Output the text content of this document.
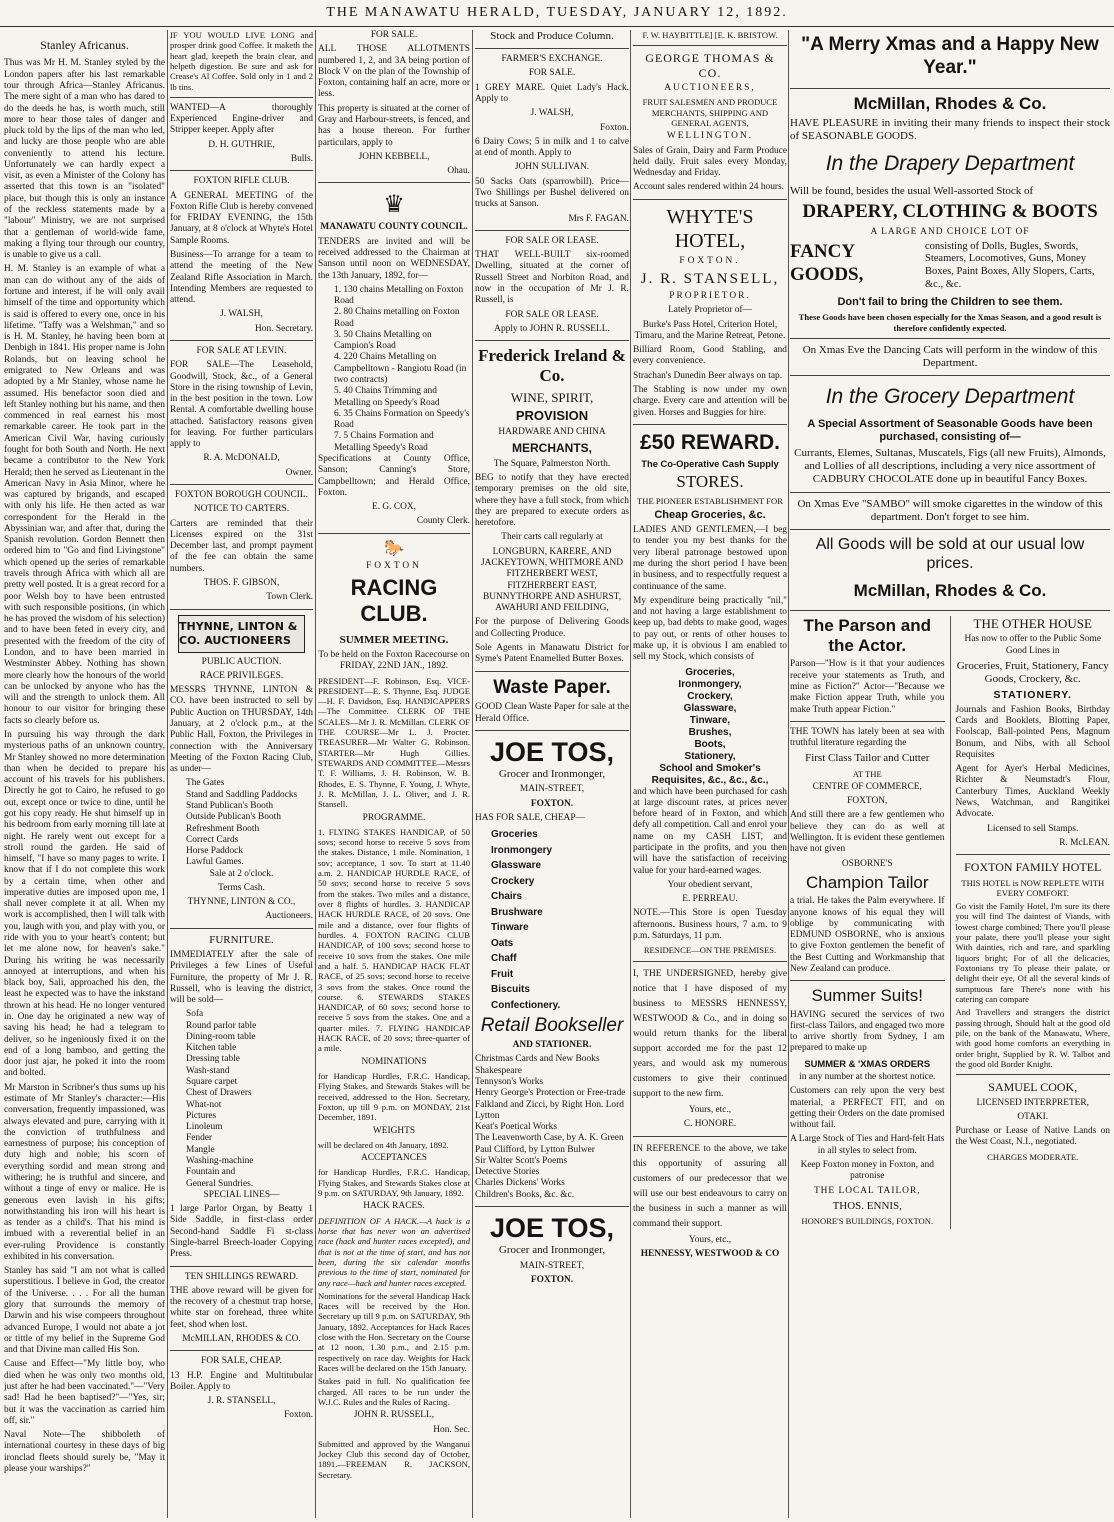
THE MANAWATU HERALD, TUESDAY, JANUARY 12, 1892.
Stanley Africanus.

Thus was Mr H. M. Stanley styled by the London papers after his last remarkable tour through Africa—Stanley Africanus. The mere sight of a man who has dared to do the deeds he has, is worth much, still more to hear those tales of danger and pluck told by the lips of the man who led, and lucky are those people who are able conveniently to attend his lecture. Unfortunately we can hardly expect a visit, as even a Minister of the Colony has asserted that this town is an "isolated" place, but though this is only an instance of the reckless statements made by a "labour" Ministry, we are not surprised that a gentleman of world-wide fame, making a flying tour through our country, is unable to give us a call.

H. M. Stanley is an example of what a man can do without any of the aids of fortune and interest, if he will only avail himself of the time and opportunity which is said is offered to every one, once in his lifetime. "Taffy was a Welshman," and so is H. M. Stanley, he having been born at Denbigh in 1841. His proper name is John Rolands, but on leaving school he emigrated to New Orleans and was adopted by a Mr Stanley, whose name he assumed. His benefactor soon died and left Stanley nothing but his name, and then commenced in real earnest his most remarkable career. He took part in the American Civil War, having curiously fought for both South and North. He next became a contributor to the New York Herald; then he served as Lieutenant in the American Navy in Asia Minor, where he was captured by brigands, and escaped with only his life. He then acted as war correspondent for the Herald in the Abyssinian war, and after that, during the Spanish revolution. Gordon Bennett then ordered him to "Go and find Livingstone" which opened up the series of remarkable travels through Africa with which all are pretty well posted. It is a great record for a poor Welsh boy to have been entrusted with such responsible positions, (in which he has proved the wisdom of his selection) and to have been feted in every city, and presented with the freedom of the city of London, and to have been married in Westminster Abbey. Nothing has shown more clearly how the honours of the world can be unlocked by anyone who has the will and the strength to unlock them. All honour to our visitor for bringing these facts so clearly before us.

In pursuing his way through the dark mysterious paths of an unknown country, Mr Stanley showed no more determination than when he decided to prepare his account of his travels for his publishers. Directly he got to Cairo, he refused to go out, except once or twice to dine, until he got his copy ready. He shut himself up in his bedroom from early morning till late at night. He rarely went out except for a stroll round the garden. He said of himself, "I have so many pages to write. I know that if I do not complete this work by a certain time, when other and imperative duties are imposed upon me, I shall never complete it at all. When my work is accomplished, then I will talk with you, laugh with you, and play with you, or ride with you to your heart's content; but let me alone now, for heaven's sake." During his writing he was necessarily annoyed at interruptions, and when his black boy, Sali, approached his den, the least he expected was to have the inkstand thrown at his head. He no longer ventured in. One day he originated a new way of saving his head; he had a telegram to deliver, so he ingeniously fixed it on the end of a long bamboo, and getting the door just ajar, he poked it into the room and bolted.

Mr Marston in Scribner's thus sums up his estimate of Mr Stanley's character:—His conversation, frequently impassioned, was always elevated and pure, carrying with it the conviction of truthfulness and earnestness of purpose; his conception of duty high and noble; his scorn of everything sordid and mean strong and withering; he is truthful and sincere, and without a tinge of envy or malice. He is generous even lavish in his gifts; notwithstanding his iron will his heart is as tender as a child's. That his mind is imbued with a reverential belief in an ever-ruling Providence is constantly exhibited in his conversation.

Stanley has said "I am not what is called superstitious. I believe in God, the creator of the Universe. . . . For all the human glory that surrounds the memory of Darwin and his wise compeers throughout advanced Europe, I would not abate a jot or tittle of my belief in the Supreme God and that Divine man called His Son.

Cause and Effect—"My little boy, who died when he was only two months old, just after he had been vaccinated."—"Very sad! Had he been baptised?"—"Yes, sir; but it was the vaccination as carried him off, sir."

Naval Note—The shibboleth of international courtesy in these days of big ironclad fleets should surely be, "May it please your warships?"

IF YOU WOULD LIVE LONG and prosper drink good Coffee. It maketh the heart glad, keepeth the brain clear, and helpeth digestion. Be sure and ask for Crease's Al Coffee. Sold only in 1 and 2 lb tins.

WANTED—A thoroughly Experienced Engine-driver and Stripper keeper. Apply after

D. H. GUTHRIE,

Bulls.

FOXTON RIFLE CLUB.

A GENERAL MEETING of the Foxton Rifle Club is hereby convened for FRIDAY EVENING, the 15th January, at 8 o'clock at Whyte's Hotel Sample Rooms.

Business—To arrange for a team to attend the meeting of the New Zealand Rifle Association in March. Intending Members are requested to attend.

J. WALSH,

Hon. Secretary.

FOR SALE AT LEVIN.

FOR SALE—The Leasehold, Goodwill, Stock, &c., of a General Store in the rising township of Levin, in the best position in the town. Low Rental. A comfortable dwelling house attached. Satisfactory reasons given for leaving. For further particulars apply to

R. A. McDONALD,

Owner.

FOXTON BOROUGH COUNCIL.

NOTICE TO CARTERS.

Carters are reminded that their Licenses expired on the 31st December last, and prompt payment of the fee can obtain the same numbers.

THOS. F. GIBSON,

Town Clerk.

THYNNE, LINTON & CO. AUCTIONEERS

PUBLIC AUCTION.

RACE PRIVILEGES.

MESSRS THYNNE, LINTON & CO. have been instructed to sell by Public Auction on THURSDAY, 14th January, at 2 o'clock p.m., at the Public Hall, Foxton, the Privileges in connection with the Anniversary Meeting of the Foxton Racing Club, as under—

The Gates
Stand and Saddling Paddocks
Stand Publican's Booth
Outside Publican's Booth
Refreshment Booth
Correct Cards
Horse Paddock
Lawful Games.

Sale at 2 o'clock.

Terms Cash.

THYNNE, LINTON & CO.,

Auctioneers.

FURNITURE.

IMMEDIATELY after the sale of Privileges a few Lines of Useful Furniture, the property of Mr J. R. Russell, who is leaving the district, will be sold—

Sofa
Round parlor table
Dining-room table
Kitchen table
Dressing table
Wash-stand
Square carpet
Chest of Drawers
What-not
Pictures
Linoleum
Fender
Mangle
Washing-machine
Fountain and
General Sundries.

SPECIAL LINES—

1 large Parlor Organ, by Beatty 1 Side Saddle, in first-class order Second-hand Saddle Fi st-class Single-barrel Breech-loader Copying Press.

TEN SHILLINGS REWARD.

THE above reward will be given for the recovery of a chestnut trap horse, white star on forehead, three white feet, shod when lost.

McMILLAN, RHODES & CO.

FOR SALE, CHEAP.

13 H.P. Engine and Multitubular Boiler. Apply to

J. R. STANSELL,

Foxton.

FOR SALE.

ALL THOSE ALLOTMENTS numbered 1, 2, and 3A being portion of Block V on the plan of the Township of Foxton, containing half an acre, more or less.

This property is situated at the corner of Gray and Harbour-streets, is fenced, and has a house thereon. For further particulars, apply to

JOHN KEBBELL,

Ohau.

♛

MANAWATU COUNTY COUNCIL.

TENDERS are invited and will be received addressed to the Chairman at Sanson until noon on WEDNESDAY, the 13th January, 1892, for—

1. 130 chains Metalling on Foxton Road
2. 80 Chains metalling on Foxton Road
3. 50 Chains Metalling on Campion's Road
4. 220 Chains Metalling on Campbelltown - Rangiotu Road (in two contracts)
5. 40 Chains Trimming and Metalling on Speedy's Road
6. 35 Chains Formation on Speedy's Road
7. 5 Chains Formation and Metalling Speedy's Road

Specifications at County Office, Sanson; Canning's Store, Campbelltown; and Herald Office, Foxton.

E. G. COX,

County Clerk.

🐎

FOXTON

RACING CLUB.

SUMMER MEETING.

To be held on the Foxton Racecourse on FRIDAY, 22ND JAN., 1892.

PRESIDENT—F. Robinson, Esq. VICE-PRESIDENT—E. S. Thynne, Esq. JUDGE—H. F. Davidson, Esq. HANDICAPPERS—The Committee. CLERK OF THE SCALES—Mr J. R. McMillan. CLERK OF THE COURSE—Mr L. J. Procter. TREASURER—Mr Walter G. Robinson. STARTER—Mr Hugh Gillies. STEWARDS AND COMMITTEE—Messrs T. F. Williams, J. H. Robinson, W. B. Rhodes, E. S. Thynne, F. Young, J. Whyte, J. R. McMillan, J. L. Oliver, and J. R. Stansell.

PROGRAMME.

1. FLYING STAKES HANDICAP, of 50 sovs; second horse to receive 5 sovs from the stakes. Distance, 1 mile. Nomination, 1 sov; acceptance, 1 sov. To start at 11.40 a.m. 2. HANDICAP HURDLE RACE, of 50 sovs; second horse to receive 5 sovs from the stakes. Two miles and a distance, over 8 flights of hurdles. 3. HANDICAP HACK HURDLE RACE, of 20 sovs. One mile and a distance, over four flights of hurdles. 4. FOXTON RACING CLUB HANDICAP, of 100 sovs; second horse to receive 10 sovs from the stakes. One mile and a half. 5. HANDICAP HACK FLAT RACE, of 25 sovs; second horse to receive 3 sovs from the stakes. Once round the course. 6. STEWARDS STAKES HANDICAP, of 60 sovs; second horse to receive 5 sovs from the stakes. One and a quarter miles. 7. FLYING HANDICAP HACK RACE, of 20 sovs; three-quarter of a mile.

NOMINATIONS

for Handicap Hurdles, F.R.C. Handicap, Flying Stakes, and Stewards Stakes will be received, addressed to the Hon. Secretary, Foxton, up till 9 p.m. on MONDAY, 21st December, 1891.

WEIGHTS

will be declared on 4th January, 1892.

ACCEPTANCES

for Handicap Hurdles, F.R.C. Handicap, Flying Stakes, and Stewards Stakes close at 9 p.m. on SATURDAY, 9th January, 1892.

HACK RACES.

DEFINITION OF A HACK.—A hack is a horse that has never won an advertised race (hack and hunter races excepted), and that is not at the time of start, and has not been, during the six calendar months previous to the time of start, nominated for any race—hack and hunter races excepted.

Nominations for the several Handicap Hack Races will be received by the Hon. Secretary up till 9 p.m. on SATURDAY, 9th January, 1892. Acceptances for Hack Races close with the Hon. Secretary on the Course at 12 noon, 1.30 p.m., and 2.15 p.m. respectively on race day. Weights for Hack Races will be declared on the 15th January.

Stakes paid in full. No qualification fee charged. All races to be run under the W.J.C. Rules and the Rules of Racing.

JOHN R. RUSSELL,

Hon. Sec.

Submitted and approved by the Wanganui Jockey Club this second day of October, 1891.—FREEMAN R. JACKSON, Secretary.

Stock and Produce Column.

FARMER'S EXCHANGE.

FOR SALE.

1 GREY MARE. Quiet Lady's Hack. Apply to

J. WALSH,

Foxton.

6 Dairy Cows; 5 in milk and 1 to calve at end of month. Apply to

JOHN SULLIVAN.

50 Sacks Oats (sparrowbill). Price—Two Shillings per Bushel delivered on trucks at Sanson.

Mrs F. FAGAN.

FOR SALE OR LEASE.

THAT WELL-BUILT six-roomed Dwelling, situated at the corner of Russell Street and Norbiton Road, and now in the occupation of Mr J. R. Russell, is

FOR SALE OR LEASE.

Apply to JOHN R. RUSSELL.

Frederick Ireland & Co.

WINE, SPIRIT,

PROVISION

HARDWARE AND CHINA

MERCHANTS,

The Square, Palmerston North.

BEG to notify that they have erected temporary premises on the old site, where they have a full stock, from which they are prepared to execute orders as heretofore.

Their carts call regularly at

LONGBURN, KARERE, AND JACKEYTOWN, WHITMORE AND FITZHERBERT WEST, FITZHERBERT EAST, BUNNYTHORPE AND ASHURST, AWAHURI AND FEILDING,

For the purpose of Delivering Goods and Collecting Produce.

Sole Agents in Manawatu District for Syme's Patent Enamelled Butter Boxes.

Waste Paper.

GOOD Clean Waste Paper for sale at the Herald Office.

JOE TOS,

Grocer and Ironmonger,

MAIN-STREET,

FOXTON.

HAS FOR SALE, CHEAP—

Groceries
Ironmongery
Glassware
Crockery
Chairs
Brushware
Tinware
Oats
Chaff
Fruit
Biscuits
Confectionery.

Retail Bookseller

AND STATIONER.

Christmas Cards and New Books
Shakespeare
Tennyson's Works
Henry George's Protection or Free-trade
Falkland and Zicci, by Right Hon. Lord Lytton
Keat's Poetical Works
The Leavenworth Case, by A. K. Green
Paul Clifford, by Lytton Bulwer
Sir Walter Scott's Poems
Detective Stories
Charles Dickens' Works
Children's Books, &c. &c.

JOE TOS,

Grocer and Ironmonger,

MAIN-STREET,

FOXTON.

F. W. HAYBITTLE] [E. K. BRISTOW.

GEORGE THOMAS & CO.

AUCTIONEERS,

FRUIT SALESMEN AND PRODUCE MERCHANTS, SHIPPING AND GENERAL AGENTS,

WELLINGTON.

Sales of Grain, Dairy and Farm Produce held daily. Fruit sales every Monday, Wednesday and Friday.

Account sales rendered within 24 hours.

WHYTE'S HOTEL,

FOXTON.

J. R. STANSELL,

PROPRIETOR.

Lately Proprietor of—

Burke's Pass Hotel, Criterion Hotel, Timaru, and the Marine Retreat, Petone.

Billiard Room, Good Stabling, and every convenience.

Strachan's Dunedin Beer always on tap.

The Stabling is now under my own charge. Every care and attention will be given. Horses and Buggies for hire.

£50 REWARD.

The Co-Operative Cash Supply

STORES.

THE PIONEER ESTABLISHMENT FOR

Cheap Groceries, &c.

LADIES AND GENTLEMEN,—I beg to tender you my best thanks for the very liberal patronage bestowed upon me during the short period I have been in business, and to respectfully request a continuance of the same.

My expenditure being practically "nil," and not having a large establishment to keep up, bad debts to make good, wages to pay out, or rents of other houses to make up, it is obvious I am enabled to sell my Stock, which consists of

Groceries,
Ironmongery,
Crockery,
Glassware,
Tinware,
Brushes,
Boots,
Stationery,
School and Smoker's Requisites, &c., &c., &c.,

and which have been purchased for cash at large discount rates, at prices never before heard of in Foxton, and which defy all competition. Call and enrol your name on my CASH LIST, and participate in the profits, and you then will have the satisfaction of receiving value for your hard-earned wages.

Your obedient servant,

E. PERREAU.

NOTE.—This Store is open Tuesday afternoons. Business hours, 7 a.m. to 9 p.m. Saturdays, 11 p.m.

RESIDENCE—ON THE PREMISES.

I, THE UNDERSIGNED, hereby give notice that I have disposed of my business to MESSRS HENNESSY, WESTWOOD & Co., and in doing so would return thanks for the liberal support accorded me for the past 12 years, and would ask my numerous customers to give their continued support to the new firm.

Yours, etc.,

C. HONORE.

IN REFERENCE to the above, we take this opportunity of assuring all customers of our predecessor that we will use our best endeavours to carry on the business in such a manner as will command their support.

Yours, etc.,

HENNESSY, WESTWOOD & CO

"A Merry Xmas and a Happy New Year."

McMillan, Rhodes & Co.

HAVE PLEASURE in inviting their many friends to inspect their stock of SEASONABLE GOODS.

In the Drapery Department

Will be found, besides the usual Well-assorted Stock of

DRAPERY, CLOTHING & BOOTS

A LARGE AND CHOICE LOT OF

FANCY GOODS,
consisting of Dolls, Bugles, Swords, Steamers, Locomotives, Guns, Money Boxes, Paint Boxes, Ally Slopers, Carts, &c., &c.

Don't fail to bring the Children to see them.

These Goods have been chosen especially for the Xmas Season, and a good result is therefore confidently expected.

On Xmas Eve the Dancing Cats will perform in the window of this Department.

In the Grocery Department

A Special Assortment of Seasonable Goods have been purchased, consisting of—

Currants, Elemes, Sultanas, Muscatels, Figs (all new Fruits), Almonds, and Lollies of all descriptions, including a very nice assortment of CADBURY CHOCOLATE done up in beautiful Fancy Boxes.

On Xmas Eve "SAMBO" will smoke cigarettes in the window of this department. Don't forget to see him.

All Goods will be sold at our usual low prices.

McMillan, Rhodes & Co.

The Parson and the Actor.

Parson—"How is it that your audiences receive your statements as Truth, and mine as Fiction?" Actor—"Because we make Fiction appear Truth, while you make Truth appear Fiction."

THE TOWN has lately been at sea with truthful literature regarding the

First Class Tailor and Cutter

AT THE

CENTRE OF COMMERCE,

FOXTON,

And still there are a few gentlemen who believe they can do as well at Wellington. It is evident these gentlemen have not given

OSBORNE'S

Champion Tailor

a trial. He takes the Palm everywhere. If anyone knows of his equal they will oblige by communicating with EDMUND OSBORNE, who is anxious to give Foxton gentlemen the benefit of the Best Cutting and Workmanship that New Zealand can produce.

Summer Suits!

HAVING secured the services of two first-class Tailors, and engaged two more to arrive shortly from Sydney, I am prepared to make up

SUMMER & 'XMAS ORDERS

in any number at the shortest notice.

Customers can rely upon the very best material, a PERFECT FIT, and on getting their Orders on the date promised without fail.

A Large Stock of Ties and Hard-felt Hats in all styles to select from.

Keep Foxton money in Foxton, and patronise

THE LOCAL TAILOR,

THOS. ENNIS,

HONORE'S BUILDINGS, FOXTON.

THE OTHER HOUSE

Has now to offer to the Public Some Good Lines in

Groceries, Fruit, Stationery, Fancy Goods, Crockery, &c.

STATIONERY.

Journals and Fashion Books, Birthday Cards and Booklets, Blotting Paper, Foolscap, Ball-pointed Pens, Magnum Bonum, and Nibs, with all School Requisites

Agent for Ayer's Herbal Medicines, Richter & Neumstadt's Flour, Canterbury Times, Auckland Weekly News, Watchman, and Rangitikei Advocate.

Licensed to sell Stamps.

R. McLEAN.

FOXTON FAMILY HOTEL

THIS HOTEL is NOW REPLETE WITH EVERY COMFORT.

Go visit the Family Hotel, I'm sure its there you will find The daintest of Viands, with lowest charge combined; There you'll please your palate, there you'll please your sight With dainties, rich and rare, and sparkling liquors bright; For of all the delicacies, Foxtonians try To please their palate, or delight their eye, Of all the several kinds of sumptuous fare There's none with his catering can compare

And Travellers and strangers the district passing through, Should halt at the good old pile, on the bank of the Manawatu, Where, with good home comforts an everything in order bright, Supplied by R. W. Talbot and the good old Border Knight.

SAMUEL COOK,

LICENSED INTERPRETER,

OTAKI.

Purchase or Lease of Native Lands on the West Coast, N.I., negotiated.

CHARGES MODERATE.
